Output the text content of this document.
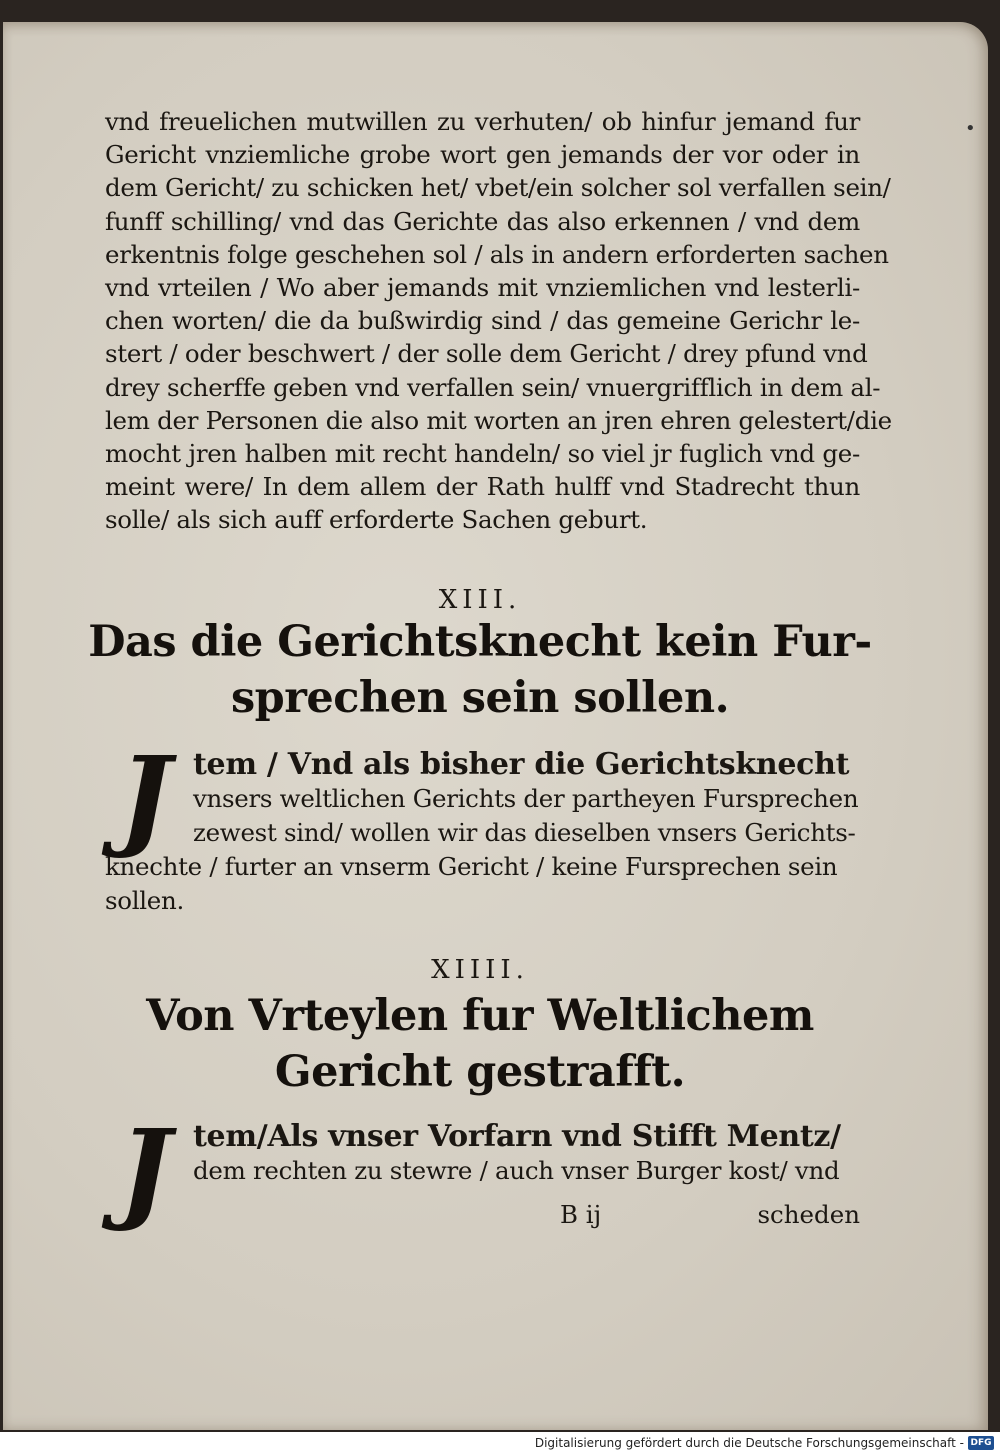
•
vnd freuelichen mutwillen zu verhuten/ ob hinfur jemand fur
Gericht vnziemliche grobe wort gen jemands der vor oder in
dem Gericht/ zu schicken het/ vbet/ein solcher sol verfallen sein/
funff schilling/ vnd das Gerichte das also erkennen / vnd dem
erkentnis folge geschehen sol / als in andern erforderten sachen
vnd vrteilen / Wo aber jemands mit vnziemlichen vnd lesterli-
chen worten/ die da bußwirdig sind / das gemeine Gerichr le-
stert / oder beschwert / der solle dem Gericht / drey pfund vnd
drey scherffe geben vnd verfallen sein/ vnuergrifflich in dem al-
lem der Personen die also mit worten an jren ehren gelestert/die
mocht jren halben mit recht handeln/ so viel jr fuglich vnd ge-
meint were/ In dem allem der Rath hulff vnd Stadrecht thun
solle/ als sich auff erforderte Sachen geburt.
XIII.
Das die Gerichtsknecht kein Fur-
sprechen sein sollen.
J tem / Vnd als bisher die Gerichtsknecht
vnsers weltlichen Gerichts der partheyen Fursprechen
zewest sind/ wollen wir das dieselben vnsers Gerichts-
knechte / furter an vnserm Gericht / keine Fursprechen sein
sollen.
XIIII.
Von Vrteylen fur Weltlichem
Gericht gestrafft.
J tem/Als vnser Vorfarn vnd Stifft Mentz/
dem rechten zu stewre / auch vnser Burger kost/ vnd
B ij	scheden
Digitalisierung gefördert durch die Deutsche Forschungsgemeinschaft - DFG
